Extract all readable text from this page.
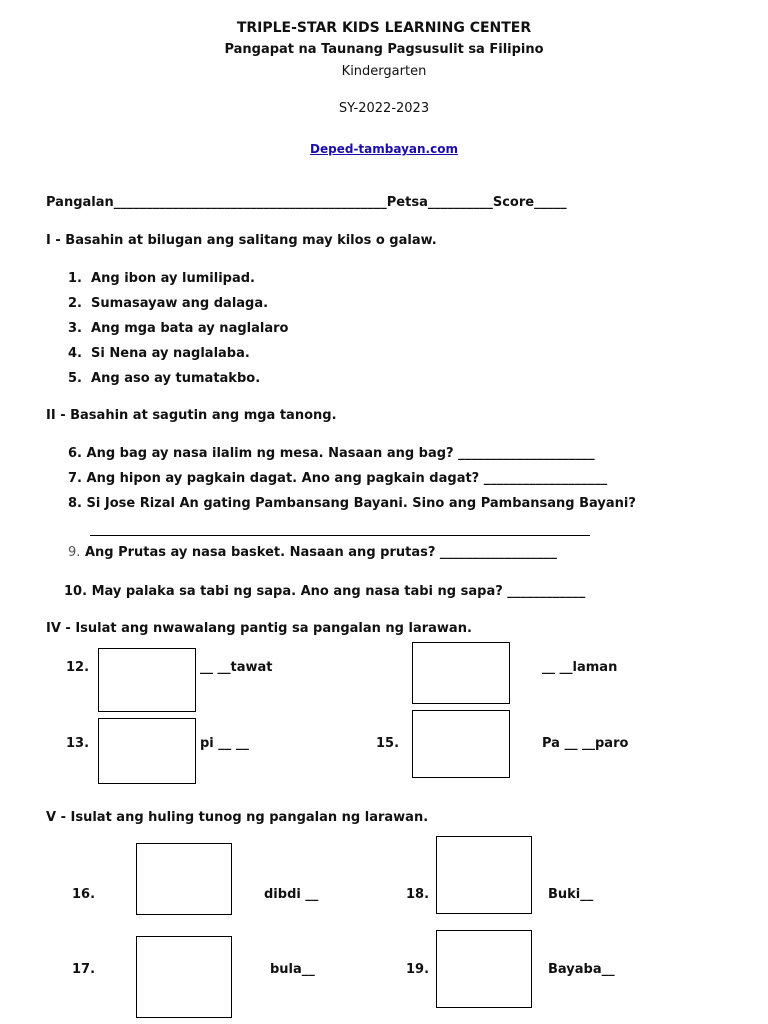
TRIPLE-STAR KIDS LEARNING CENTER
Pangapat na Taunang Pagsusulit sa Filipino
Kindergarten
SY-2022-2023
Deped-tambayan.com
Pangalan__________________________________________Petsa__________Score_____
I - Basahin at bilugan ang salitang may kilos o galaw.
1. Ang ibon ay lumilipad.
2. Sumasayaw ang dalaga.
3. Ang mga bata ay naglalaro
4. Si Nena ay naglalaba.
5. Ang aso ay tumatakbo.
II - Basahin at sagutin ang mga tanong.
6. Ang bag ay nasa ilalim ng mesa. Nasaan ang bag? _____________________
7. Ang hipon ay pagkain dagat. Ano ang pagkain dagat? ___________________
8. Si Jose Rizal An gating Pambansang Bayani. Sino ang Pambansang Bayani?
9. Ang Prutas ay nasa basket. Nasaan ang prutas? __________________
10. May palaka sa tabi ng sapa. Ano ang nasa tabi ng sapa? ____________
IV - Isulat ang nwawalang pantig sa pangalan ng larawan.
12.	__ __tawat	__ __laman
13.	pi __ __	15.	Pa __ __paro
V - Isulat ang huling tunog ng pangalan ng larawan.
16.	dibdi __	18.	Buki__
17.	bula__	19.	Bayaba__
